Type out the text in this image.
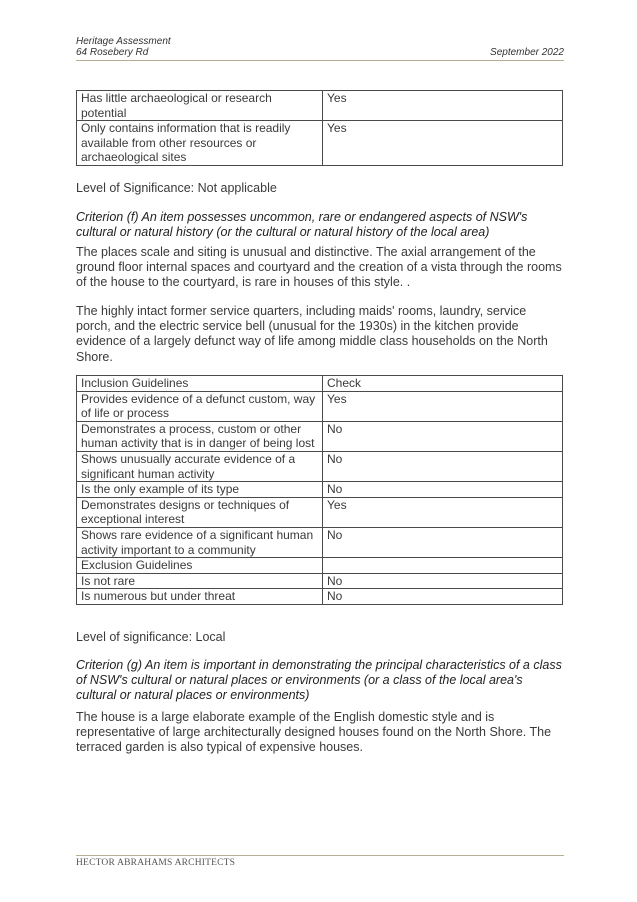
Heritage Assessment
64 Rosebery Rd	September 2022
Has little archaeological or research potential	Yes
Only contains information that is readily available from other resources or archaeological sites	Yes

Level of Significance: Not applicable

Criterion (f) An item possesses uncommon, rare or endangered aspects of NSW's cultural or natural history (or the cultural or natural history of the local area)

The places scale and siting is unusual and distinctive. The axial arrangement of the ground floor internal spaces and courtyard and the creation of a vista through the rooms of the house to the courtyard, is rare in houses of this style. .

The highly intact former service quarters, including maids' rooms, laundry, service porch, and the electric service bell (unusual for the 1930s) in the kitchen provide evidence of a largely defunct way of life among middle class households on the North Shore.

Inclusion Guidelines	Check
Provides evidence of a defunct custom, way of life or process	Yes
Demonstrates a process, custom or other human activity that is in danger of being lost	No
Shows unusually accurate evidence of a significant human activity	No
Is the only example of its type	No
Demonstrates designs or techniques of exceptional interest	Yes
Shows rare evidence of a significant human activity important to a community	No
Exclusion Guidelines	
Is not rare	No
Is numerous but under threat	No

Level of significance: Local

Criterion (g) An item is important in demonstrating the principal characteristics of a class of NSW's cultural or natural places or environments (or a class of the local area's cultural or natural places or environments)

The house is a large elaborate example of the English domestic style and is representative of large architecturally designed houses found on the North Shore. The terraced garden is also typical of expensive houses.

HECTOR ABRAHAMS ARCHITECTS
